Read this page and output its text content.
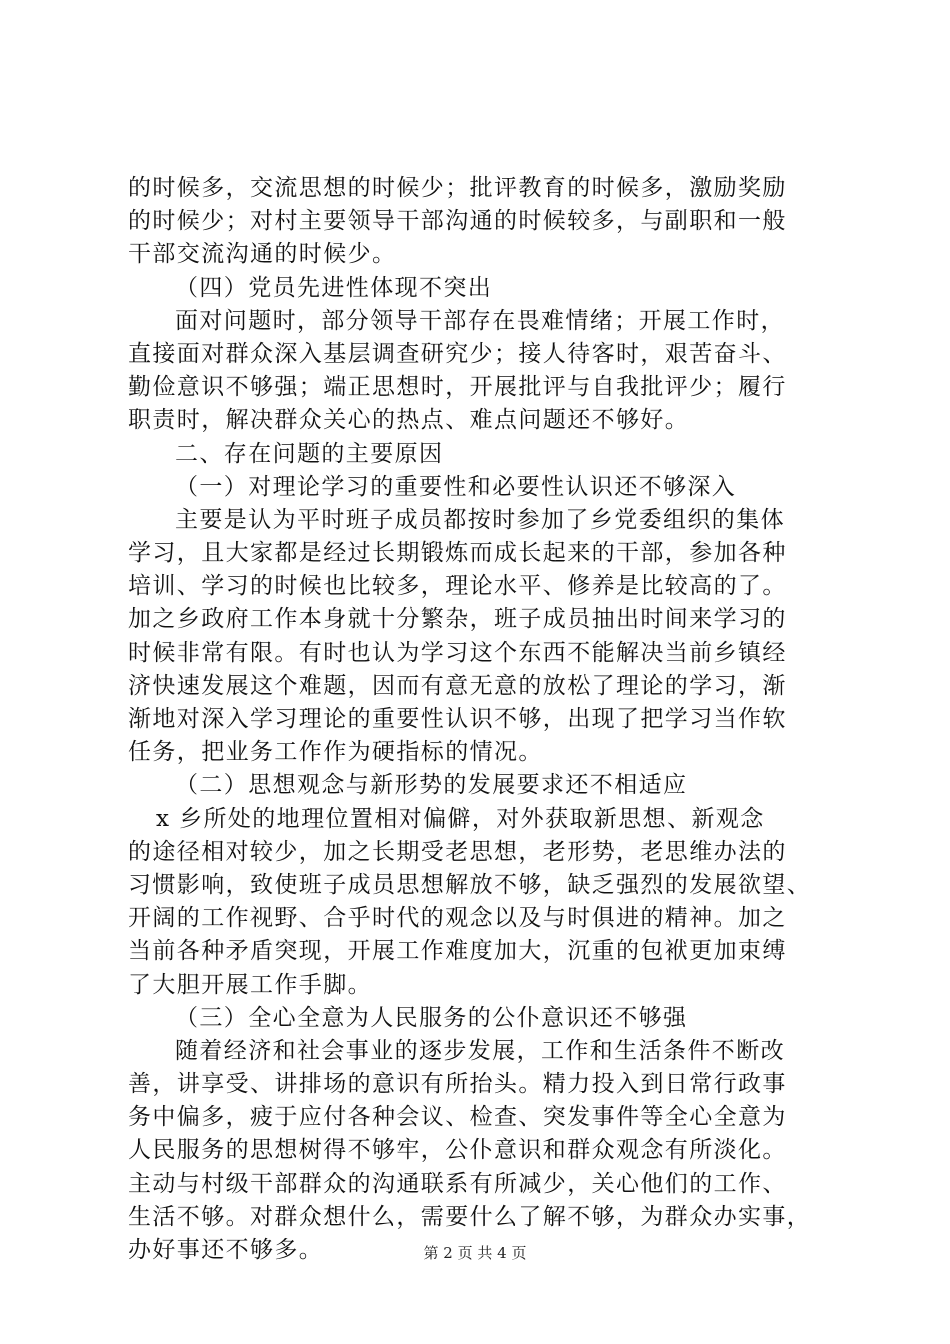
的时候多，交流思想的时候少；批评教育的时候多，激励奖励
的时候少；对村主要领导干部沟通的时候较多，与副职和一般
干部交流沟通的时候少。
（四）党员先进性体现不突出
面对问题时，部分领导干部存在畏难情绪；开展工作时，
直接面对群众深入基层调查研究少；接人待客时，艰苦奋斗、
勤俭意识不够强；端正思想时，开展批评与自我批评少；履行
职责时，解决群众关心的热点、难点问题还不够好。
二、存在问题的主要原因
（一）对理论学习的重要性和必要性认识还不够深入
主要是认为平时班子成员都按时参加了乡党委组织的集体
学习，且大家都是经过长期锻炼而成长起来的干部，参加各种
培训、学习的时候也比较多，理论水平、修养是比较高的了。
加之乡政府工作本身就十分繁杂，班子成员抽出时间来学习的
时候非常有限。有时也认为学习这个东西不能解决当前乡镇经
济快速发展这个难题，因而有意无意的放松了理论的学习，渐
渐地对深入学习理论的重要性认识不够，出现了把学习当作软
任务，把业务工作作为硬指标的情况。
（二）思想观念与新形势的发展要求还不相适应
x 乡所处的地理位置相对偏僻，对外获取新思想、新观念
的途径相对较少，加之长期受老思想，老形势，老思维办法的
习惯影响，致使班子成员思想解放不够，缺乏强烈的发展欲望、
开阔的工作视野、合乎时代的观念以及与时俱进的精神。加之
当前各种矛盾突现，开展工作难度加大，沉重的包袱更加束缚
了大胆开展工作手脚。
（三）全心全意为人民服务的公仆意识还不够强
随着经济和社会事业的逐步发展，工作和生活条件不断改
善，讲享受、讲排场的意识有所抬头。精力投入到日常行政事
务中偏多，疲于应付各种会议、检查、突发事件等全心全意为
人民服务的思想树得不够牢，公仆意识和群众观念有所淡化。
主动与村级干部群众的沟通联系有所减少，关心他们的工作、
生活不够。对群众想什么，需要什么了解不够，为群众办实事，
办好事还不够多。	第 2 页 共 4 页
